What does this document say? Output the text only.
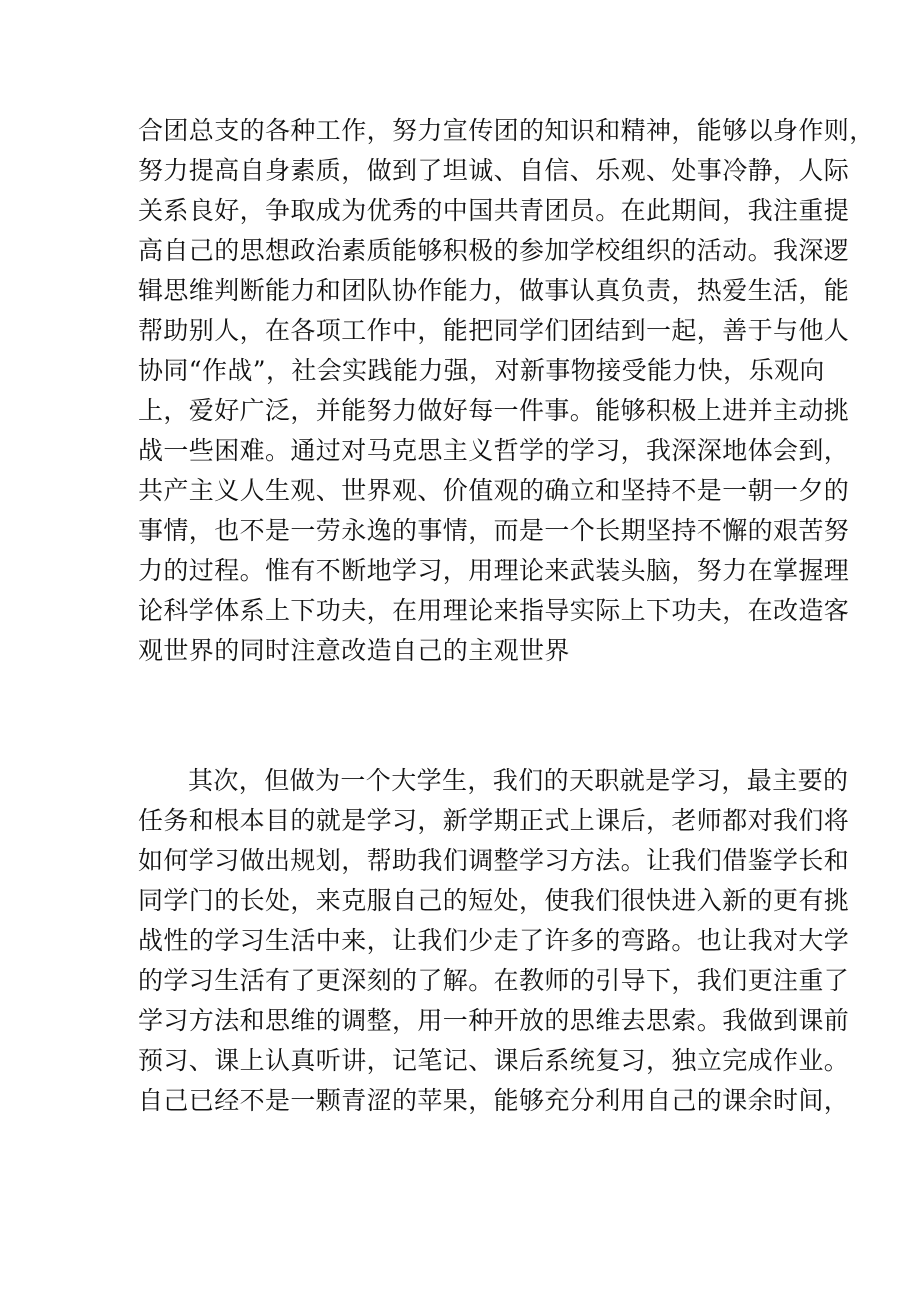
合团总支的各种工作，努力宣传团的知识和精神，能够以身作则，
努力提高自身素质，做到了坦诚、自信、乐观、处事冷静，人际
关系良好，争取成为优秀的中国共青团员。在此期间，我注重提
高自己的思想政治素质能够积极的参加学校组织的活动。我深逻
辑思维判断能力和团队协作能力，做事认真负责，热爱生活，能
帮助别人，在各项工作中，能把同学们团结到一起，善于与他人
协同“作战”，社会实践能力强，对新事物接受能力快，乐观向
上，爱好广泛，并能努力做好每一件事。能够积极上进并主动挑
战一些困难。通过对马克思主义哲学的学习，我深深地体会到，
共产主义人生观、世界观、价值观的确立和坚持不是一朝一夕的
事情，也不是一劳永逸的事情，而是一个长期坚持不懈的艰苦努
力的过程。惟有不断地学习，用理论来武装头脑，努力在掌握理
论科学体系上下功夫，在用理论来指导实际上下功夫，在改造客
观世界的同时注意改造自己的主观世界
其次，但做为一个大学生，我们的天职就是学习，最主要的
任务和根本目的就是学习，新学期正式上课后，老师都对我们将
如何学习做出规划，帮助我们调整学习方法。让我们借鉴学长和
同学门的长处，来克服自己的短处，使我们很快进入新的更有挑
战性的学习生活中来，让我们少走了许多的弯路。也让我对大学
的学习生活有了更深刻的了解。在教师的引导下，我们更注重了
学习方法和思维的调整，用一种开放的思维去思索。我做到课前
预习、课上认真听讲，记笔记、课后系统复习，独立完成作业。
自己已经不是一颗青涩的苹果，能够充分利用自己的课余时间，
